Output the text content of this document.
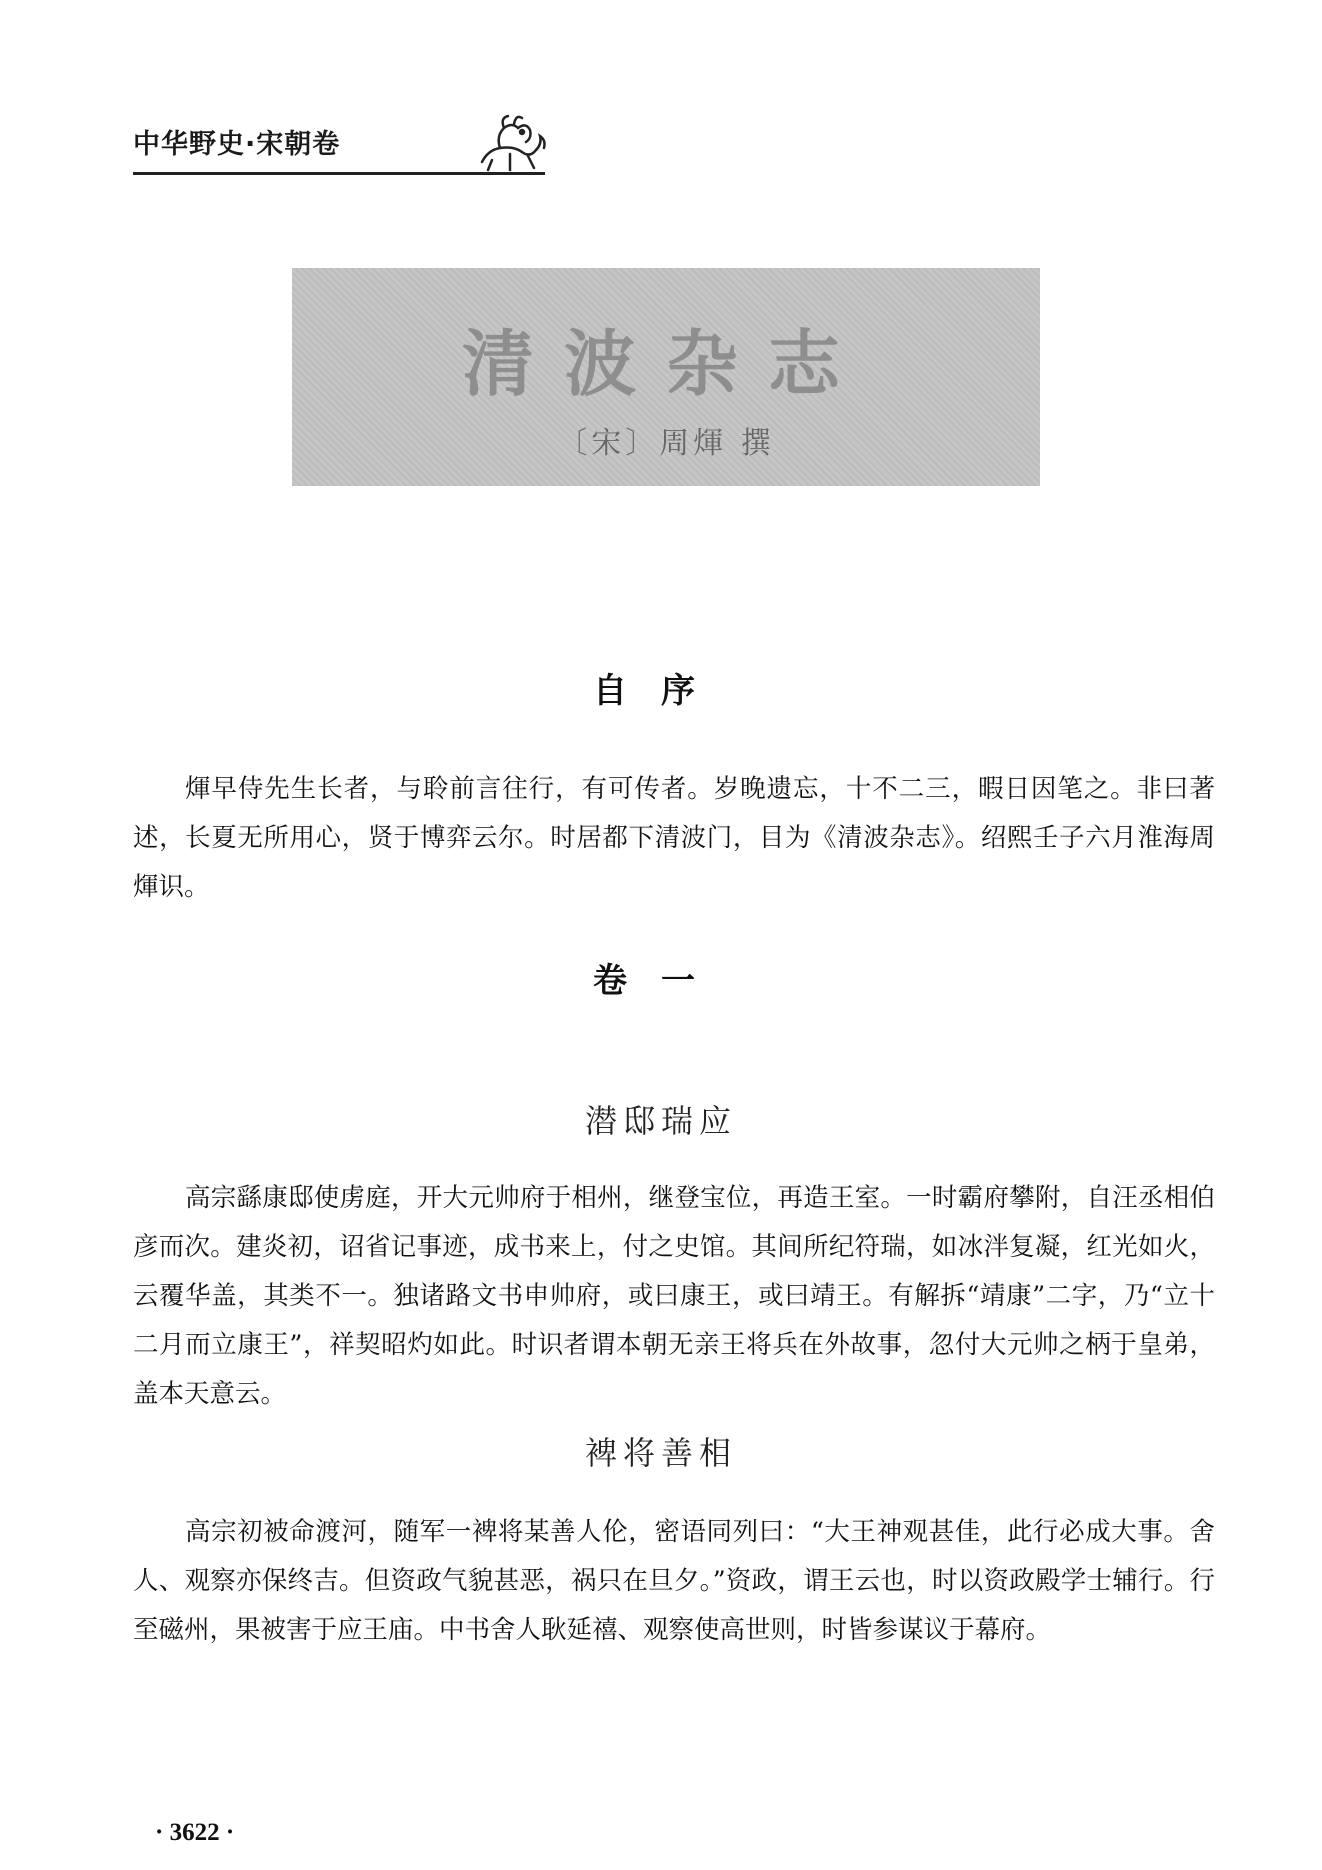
中华野史·宋朝卷
清波杂志
〔宋〕周煇 撰
自序

煇早侍先生长者，与聆前言往行，有可传者。岁晚遗忘，十不二三，暇日因笔之。非曰著述，长夏无所用心，贤于博弈云尔。时居都下清波门，目为《清波杂志》。绍熙壬子六月淮海周煇识。

卷一
潜邸瑞应

高宗繇康邸使虏庭，开大元帅府于相州，继登宝位，再造王室。一时霸府攀附，自汪丞相伯彦而次。建炎初，诏省记事迹，成书来上，付之史馆。其间所纪符瑞，如冰泮复凝，红光如火，云覆华盖，其类不一。独诸路文书申帅府，或曰康王，或曰靖王。有解拆“靖康”二字，乃“立十二月而立康王”，祥契昭灼如此。时识者谓本朝无亲王将兵在外故事，忽付大元帅之柄于皇弟，盖本天意云。

裨将善相

高宗初被命渡河，随军一裨将某善人伦，密语同列曰：“大王神观甚佳，此行必成大事。舍人、观察亦保终吉。但资政气貌甚恶，祸只在旦夕。”资政，谓王云也，时以资政殿学士辅行。行至磁州，果被害于应王庙。中书舍人耿延禧、观察使高世则，时皆参谋议于幕府。

· 3622 ·
